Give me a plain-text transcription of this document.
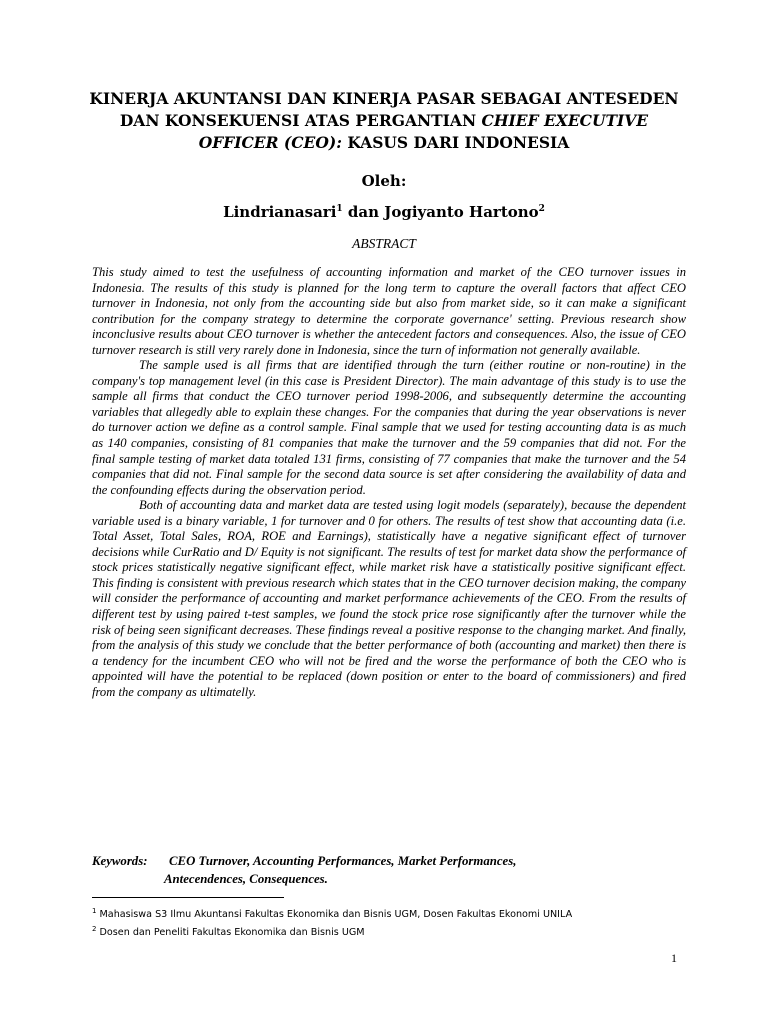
KINERJA AKUNTANSI DAN KINERJA PASAR SEBAGAI ANTESEDEN
DAN KONSEKUENSI ATAS PERGANTIAN CHIEF EXECUTIVE
OFFICER (CEO): KASUS DARI INDONESIA
Oleh:
Lindrianasari$^1$ dan Jogiyanto Hartono$^2$
ABSTRACT

This study aimed to test the usefulness of accounting information and market of the CEO turnover issues in Indonesia. The results of this study is planned for the long term to capture the overall factors that affect CEO turnover in Indonesia, not only from the accounting side but also from market side, so it can make a significant contribution for the company strategy to determine the corporate governance' setting. Previous research show inconclusive results about CEO turnover is whether the antecedent factors and consequences. Also, the issue of CEO turnover research is still very rarely done in Indonesia, since the turn of information not generally available.

The sample used is all firms that are identified through the turn (either routine or non-routine) in the company's top management level (in this case is President Director). The main advantage of this study is to use the sample all firms that conduct the CEO turnover period 1998-2006, and subsequently determine the accounting variables that allegedly able to explain these changes. For the companies that during the year observations is never do turnover action we define as a control sample. Final sample that we used for testing accounting data is as much as 140 companies, consisting of 81 companies that make the turnover and the 59 companies that did not. For the final sample testing of market data totaled 131 firms, consisting of 77 companies that make the turnover and the 54 companies that did not. Final sample for the second data source is set after considering the availability of data and the confounding effects during the observation period.

Both of accounting data and market data are tested using logit models (separately), because the dependent variable used is a binary variable, 1 for turnover and 0 for others. The results of test show that accounting data (i.e. Total Asset, Total Sales, ROA, ROE and Earnings), statistically have a negative significant effect of turnover decisions while CurRatio and D/ Equity is not significant. The results of test for market data show the performance of stock prices statistically negative significant effect, while market risk have a statistically positive significant effect. This finding is consistent with previous research which states that in the CEO turnover decision making, the company will consider the performance of accounting and market performance achievements of the CEO. From the results of different test by using paired t-test samples, we found the stock price rose significantly after the turnover while the risk of being seen significant decreases. These findings reveal a positive response to the changing market. And finally, from the analysis of this study we conclude that the better performance of both (accounting and market) then there is a tendency for the incumbent CEO who will not be fired and the worse the performance of both the CEO who is appointed will have the potential to be replaced (down position or enter to the board of commissioners) and fired from the company as ultimatelly.

Keywords:	CEO Turnover, Accounting Performances, Market Performances,
Antecendences, Consequences.
$^1$ Mahasiswa S3 Ilmu Akuntansi Fakultas Ekonomika dan Bisnis UGM, Dosen Fakultas Ekonomi UNILA
$^2$ Dosen dan Peneliti Fakultas Ekonomika dan Bisnis UGM
1
